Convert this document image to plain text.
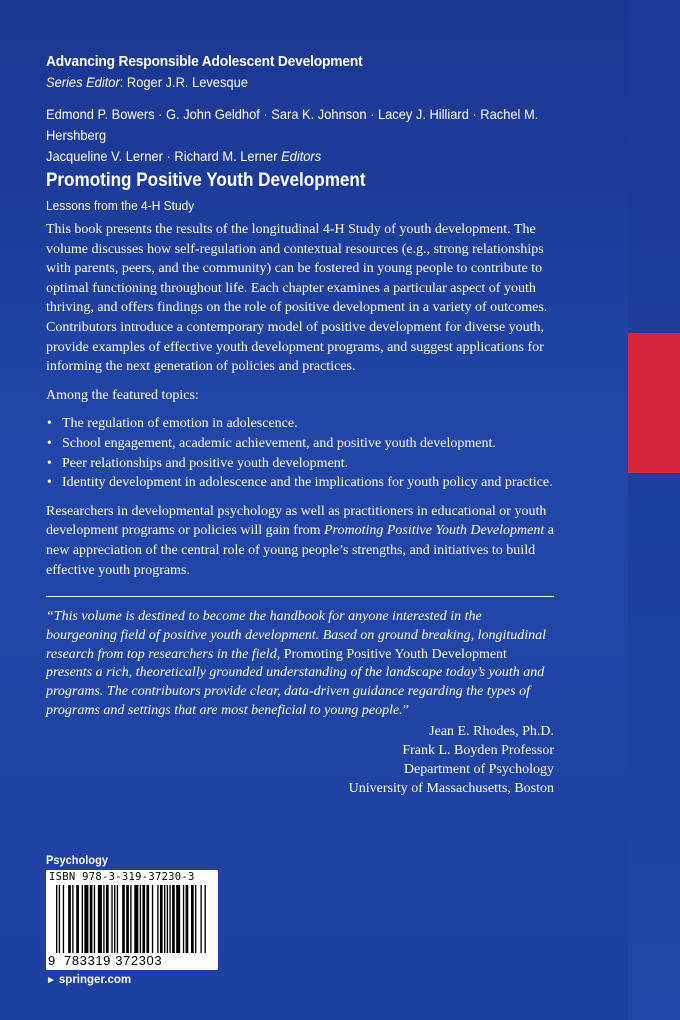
Advancing Responsible Adolescent Development
Series Editor: Roger J.R. Levesque
Edmond P. Bowers · G. John Geldhof · Sara K. Johnson · Lacey J. Hilliard · Rachel M. Hershberg
Jacqueline V. Lerner · Richard M. Lerner Editors
Promoting Positive Youth Development
Lessons from the 4-H Study

This book presents the results of the longitudinal 4-H Study of youth development. The volume discusses how self-regulation and contextual resources (e.g., strong relationships with parents, peers, and the community) can be fostered in young people to contribute to optimal functioning throughout life. Each chapter examines a particular aspect of youth thriving, and offers findings on the role of positive development in a variety of outcomes. Contributors introduce a contemporary model of positive development for diverse youth, provide examples of effective youth development programs, and suggest applications for informing the next generation of policies and practices.

Among the featured topics:

• The regulation of emotion in adolescence.
• School engagement, academic achievement, and positive youth development.
• Peer relationships and positive youth development.
• Identity development in adolescence and the implications for youth policy and practice.

Researchers in developmental psychology as well as practitioners in educational or youth development programs or policies will gain from Promoting Positive Youth Development a new appreciation of the central role of young people’s strengths, and initiatives to build effective youth programs.

“This volume is destined to become the handbook for anyone interested in the bourgeoning field of positive youth development. Based on ground breaking, longitudinal research from top researchers in the field, Promoting Positive Youth Development presents a rich, theoretically grounded understanding of the landscape today’s youth and programs. The contributors provide clear, data-driven guidance regarding the types of programs and settings that are most beneficial to young people.”
Jean E. Rhodes, Ph.D.
Frank L. Boyden Professor
Department of Psychology
University of Massachusetts, Boston
Psychology
ISBN 978-3-319-37230-3
9 783319 372303
► springer.com
